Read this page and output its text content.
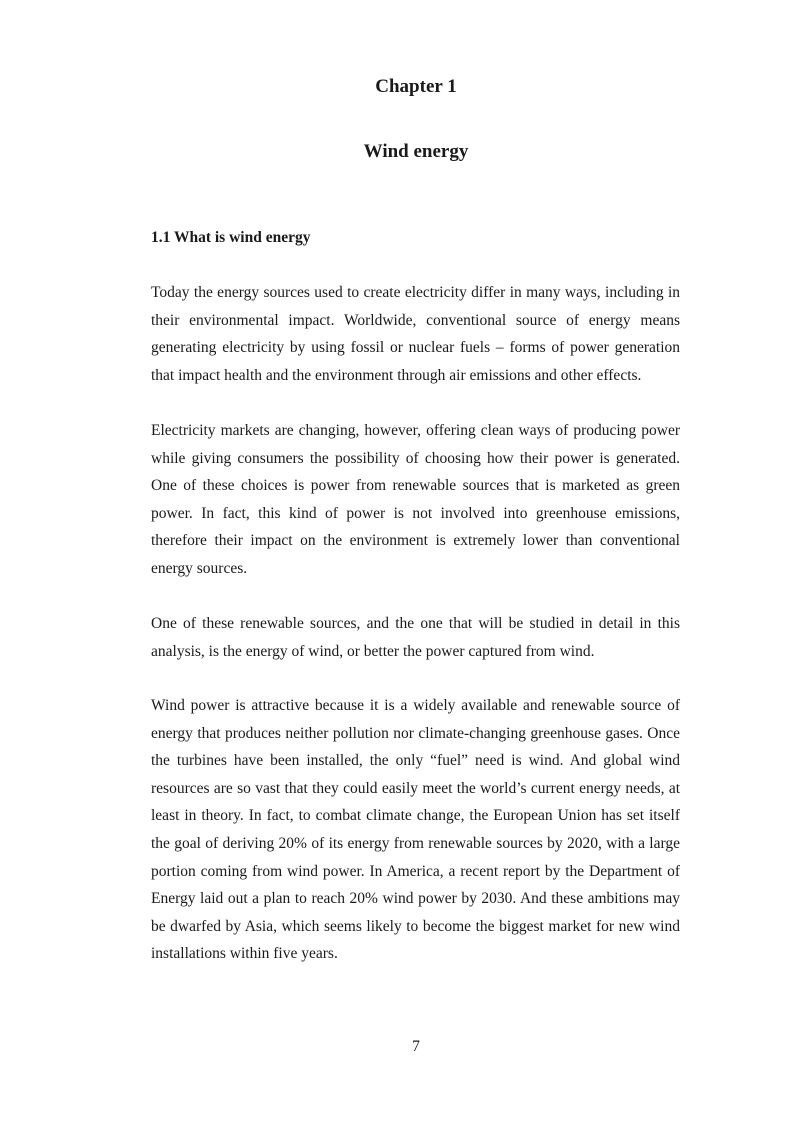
Chapter 1
Wind energy
1.1 What is wind energy

Today the energy sources used to create electricity differ in many ways, including in their environmental impact. Worldwide, conventional source of energy means generating electricity by using fossil or nuclear fuels – forms of power generation that impact health and the environment through air emissions and other effects.

Electricity markets are changing, however, offering clean ways of producing power while giving consumers the possibility of choosing how their power is generated. One of these choices is power from renewable sources that is marketed as green power. In fact, this kind of power is not involved into greenhouse emissions, therefore their impact on the environment is extremely lower than conventional energy sources.

One of these renewable sources, and the one that will be studied in detail in this analysis, is the energy of wind, or better the power captured from wind.

Wind power is attractive because it is a widely available and renewable source of energy that produces neither pollution nor climate-changing greenhouse gases. Once the turbines have been installed, the only “fuel” need is wind. And global wind resources are so vast that they could easily meet the world’s current energy needs, at least in theory. In fact, to combat climate change, the European Union has set itself the goal of deriving 20% of its energy from renewable sources by 2020, with a large portion coming from wind power. In America, a recent report by the Department of Energy laid out a plan to reach 20% wind power by 2030. And these ambitions may be dwarfed by Asia, which seems likely to become the biggest market for new wind installations within five years.

7
